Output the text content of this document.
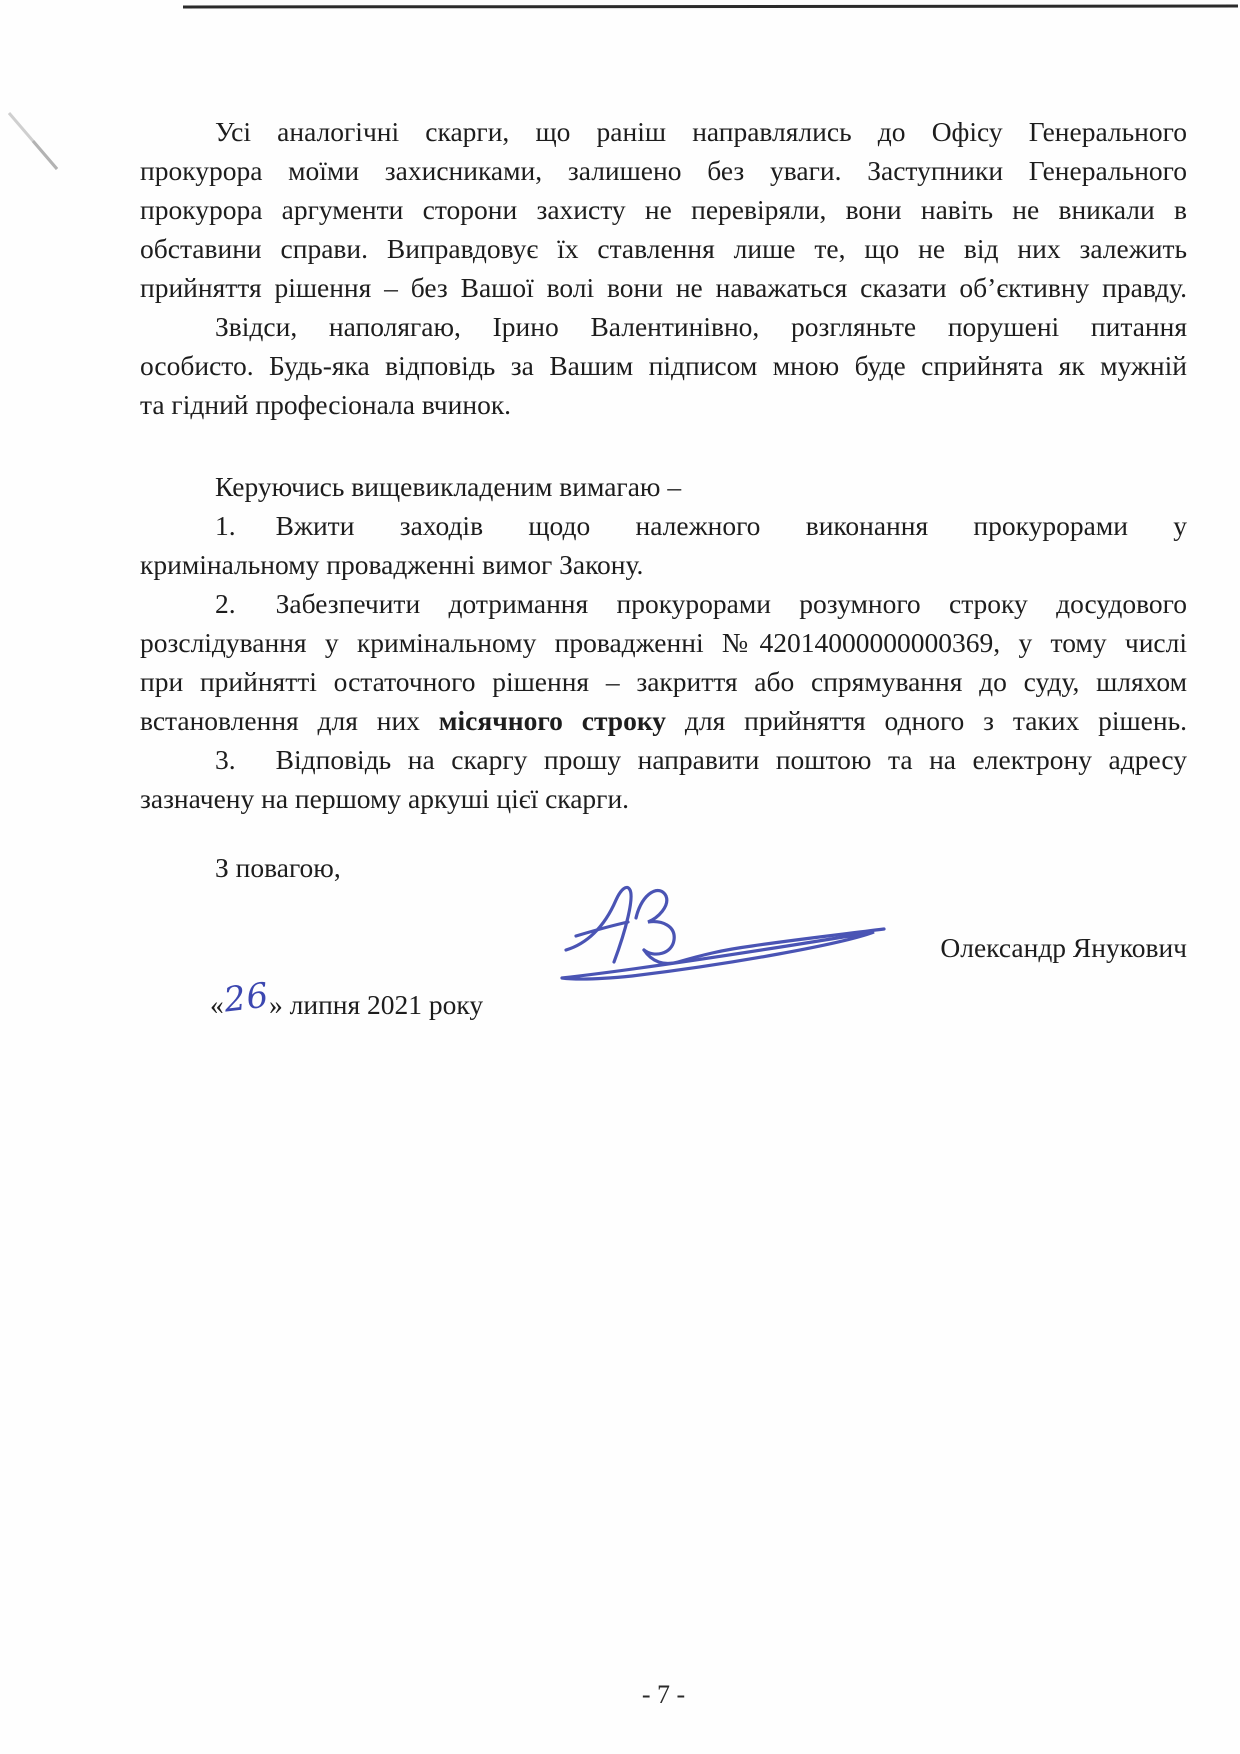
Усі аналогічні скарги, що раніш направлялись до Офісу Генерального
прокурора моїми захисниками, залишено без уваги. Заступники Генерального
прокурора аргументи сторони захисту не перевіряли, вони навіть не вникали в
обставини справи. Виправдовує їх ставлення лише те, що не від них залежить
прийняття рішення – без Вашої волі вони не наважаться сказати об’єктивну правду.
Звідси, наполягаю, Ірино Валентинівно, розгляньте порушені питання
особисто. Будь-яка відповідь за Вашим підписом мною буде сприйнята як мужній
та гідний професіонала вчинок.
Керуючись вищевикладеним вимагаю –
1. Вжити заходів щодо належного виконання прокурорами у
кримінальному провадженні вимог Закону.
2. Забезпечити дотримання прокурорами розумного строку досудового
розслідування у кримінальному провадженні №42014000000000369, у тому числі
при прийнятті остаточного рішення – закриття або спрямування до суду, шляхом
встановлення для них місячного строку для прийняття одного з таких рішень.
3. Відповідь на скаргу прошу направити поштою та на електрону адресу
зазначену на першому аркуші цієї скарги.
З повагою,
Олександр Янукович
«26» липня 2021 року
- 7 -
